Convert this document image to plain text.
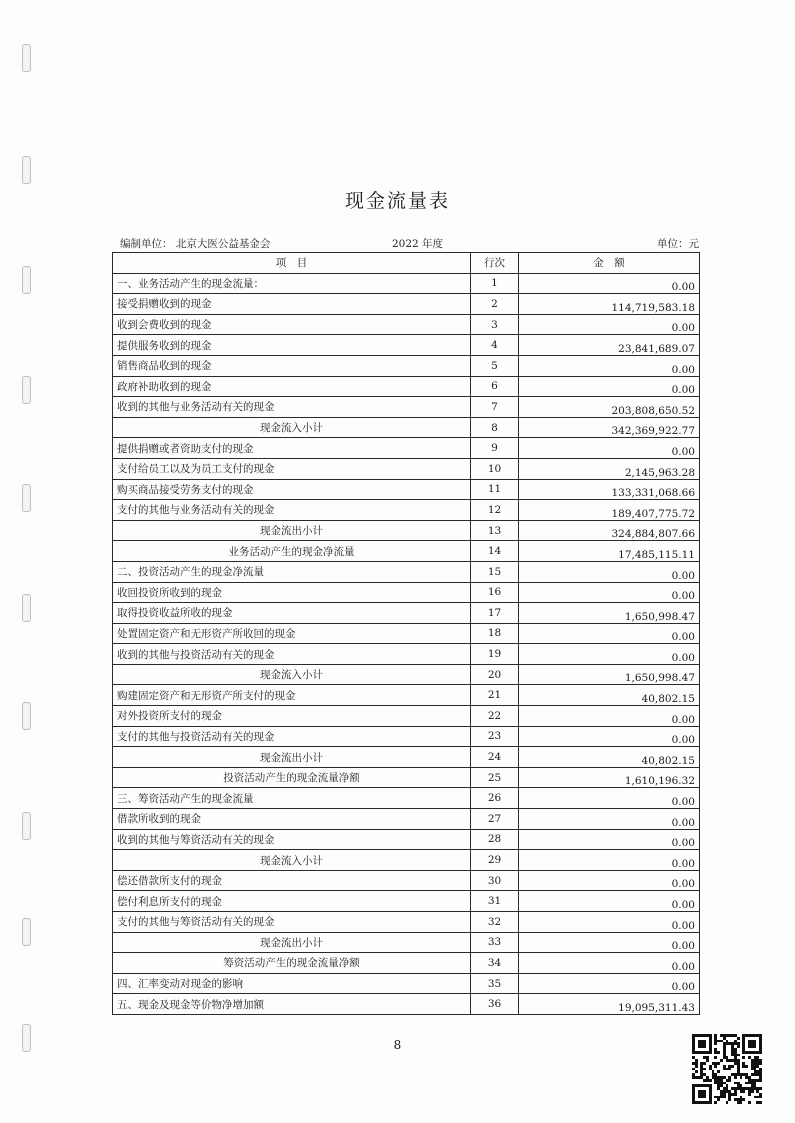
现金流量表
编制单位： 北京大医公益基金会	2022 年度	单位：元
项　目	行次	金　额
一、业务活动产生的现金流量：	1	0.00
接受捐赠收到的现金	2	114,719,583.18
收到会费收到的现金	3	0.00
提供服务收到的现金	4	23,841,689.07
销售商品收到的现金	5	0.00
政府补助收到的现金	6	0.00
收到的其他与业务活动有关的现金	7	203,808,650.52
现金流入小计	8	342,369,922.77
提供捐赠或者资助支付的现金	9	0.00
支付给员工以及为员工支付的现金	10	2,145,963.28
购买商品接受劳务支付的现金	11	133,331,068.66
支付的其他与业务活动有关的现金	12	189,407,775.72
现金流出小计	13	324,884,807.66
业务活动产生的现金净流量	14	17,485,115.11
二、投资活动产生的现金净流量	15	0.00
收回投资所收到的现金	16	0.00
取得投资收益所收的现金	17	1,650,998.47
处置固定资产和无形资产所收回的现金	18	0.00
收到的其他与投资活动有关的现金	19	0.00
现金流入小计	20	1,650,998.47
购建固定资产和无形资产所支付的现金	21	40,802.15
对外投资所支付的现金	22	0.00
支付的其他与投资活动有关的现金	23	0.00
现金流出小计	24	40,802.15
投资活动产生的现金流量净额	25	1,610,196.32
三、筹资活动产生的现金流量	26	0.00
借款所收到的现金	27	0.00
收到的其他与筹资活动有关的现金	28	0.00
现金流入小计	29	0.00
偿还借款所支付的现金	30	0.00
偿付利息所支付的现金	31	0.00
支付的其他与筹资活动有关的现金	32	0.00
现金流出小计	33	0.00
筹资活动产生的现金流量净额	34	0.00
四、汇率变动对现金的影响	35	0.00
五、现金及现金等价物净增加额	36	19,095,311.43
8
